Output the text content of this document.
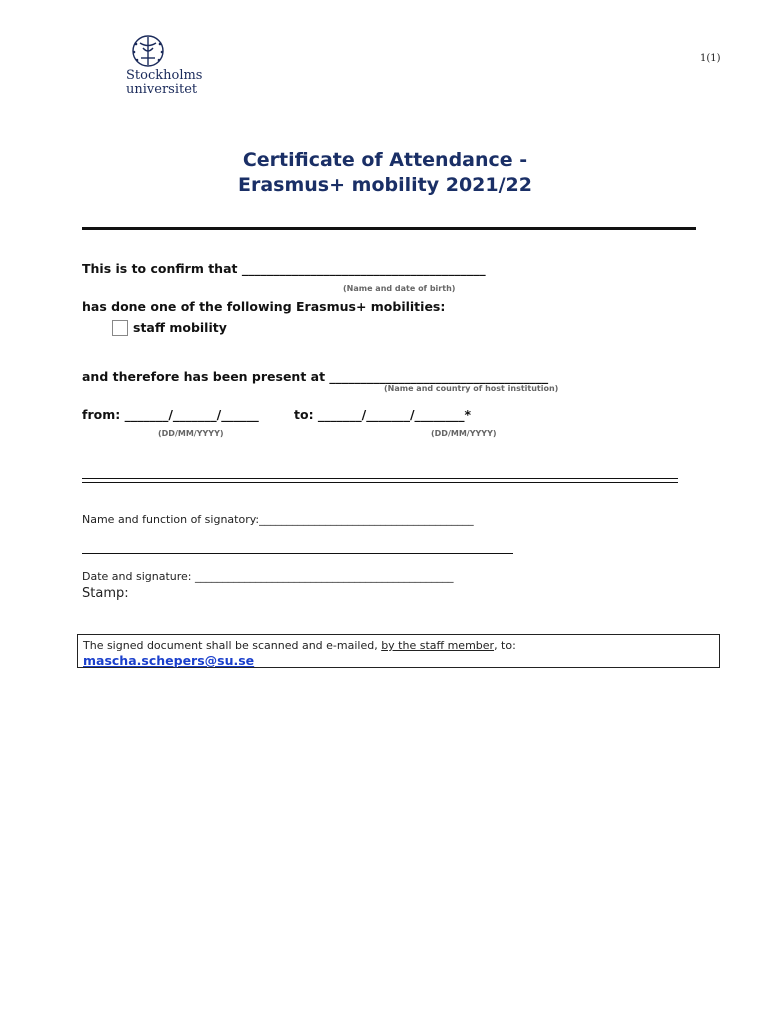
Stockholms
universitet
1(1)
Certificate of Attendance -
Erasmus+ mobility 2021/22
This is to confirm that _______________________________________
(Name and date of birth)
has done one of the following Erasmus+ mobilities:
staff mobility
and therefore has been present at ___________________________________
(Name and country of host institution)
from: _______/_______/______	to: _______/_______/________*
(DD/MM/YYYY)	(DD/MM/YYYY)
Name and function of signatory:_______________________________________
Date and signature: _______________________________________________
Stamp:
The signed document shall be scanned and e-mailed, by the staff member, to:
mascha.schepers@su.se
